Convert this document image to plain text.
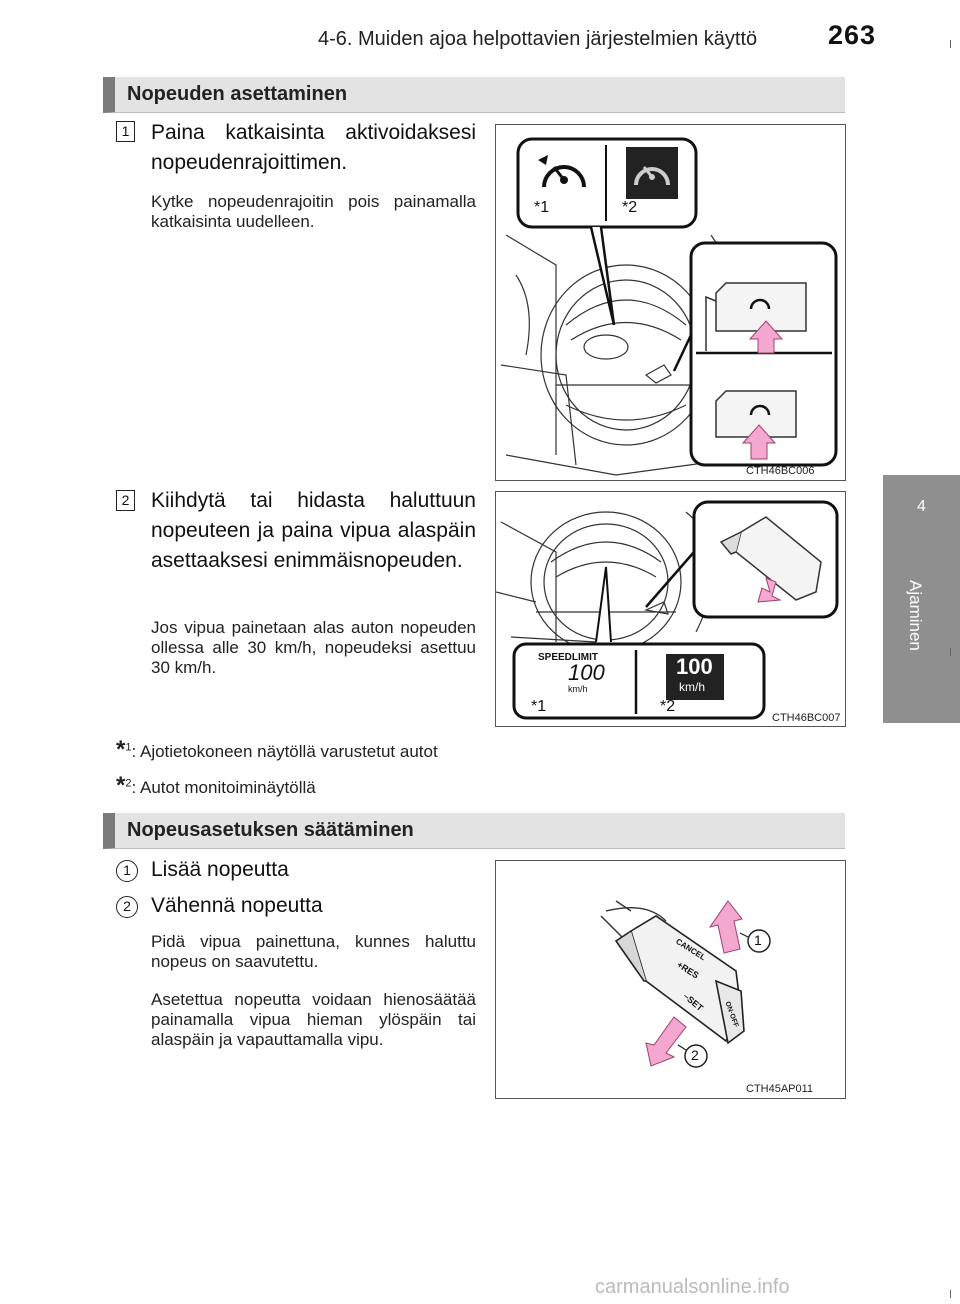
4-6. Muiden ajoa helpottavien järjestelmien käyttö	263
4
Ajaminen
Nopeuden asettaminen
1 Paina katkaisinta aktivoidaksesi nopeudenrajoittimen.
Kytke nopeudenrajoitin pois painamalla katkaisinta uudelleen.
2 Kiihdytä tai hidasta haluttuun nopeuteen ja paina vipua alaspäin asettaaksesi enimmäisnopeuden.
Jos vipua painetaan alas auton nopeuden ollessa alle 30 km/h, nopeudeksi asettuu 30 km/h.
*1	*2
CTH46BC006
SPEEDLIMIT
100
km/h
100
km/h
*1	*2
CTH46BC007
*$^1$: Ajotietokoneen näytöllä varustetut autot
*$^2$: Autot monitoiminäytöllä
Nopeusasetuksen säätäminen
1 Lisää nopeutta
2 Vähennä nopeutta
Pidä vipua painettuna, kunnes haluttu nopeus on saavutettu.
Asetettua nopeutta voidaan hienosäätää painamalla vipua hieman ylöspäin tai alaspäin ja vapauttamalla vipu.
1
2
CANCEL
+RES
–SET	ON·OFF
CTH45AP011
carmanualsonline.info
